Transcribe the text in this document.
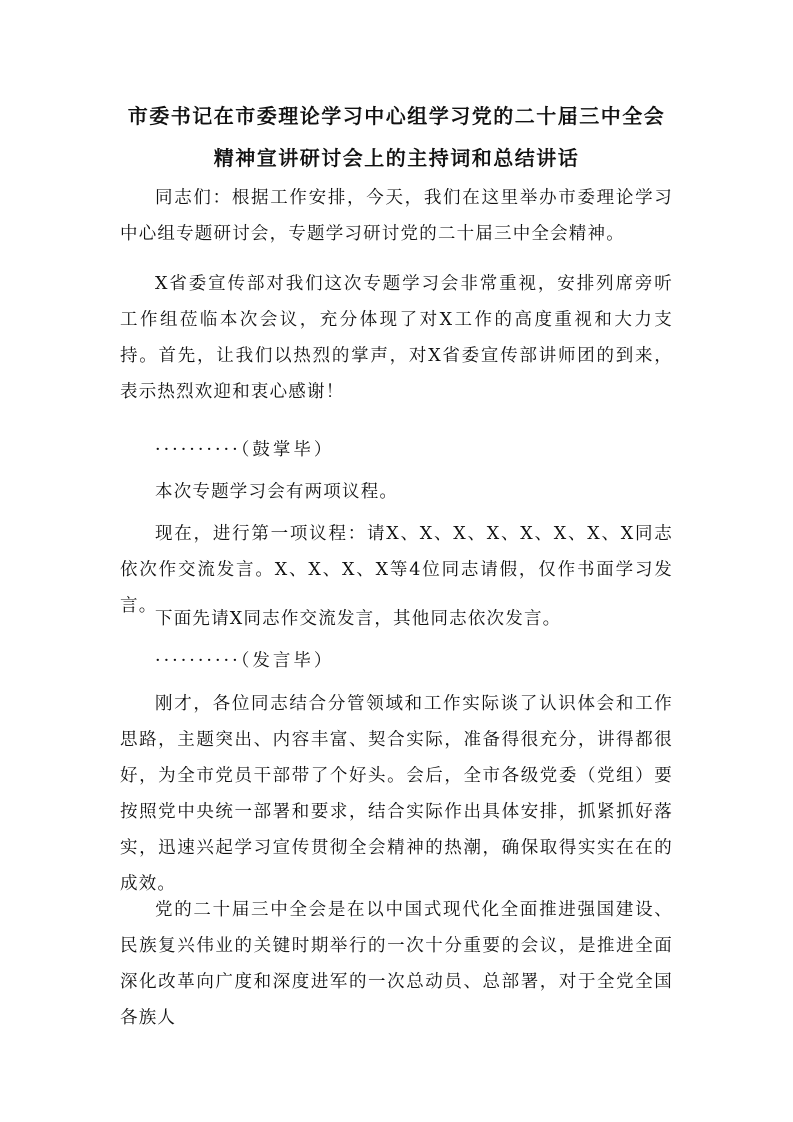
市委书记在市委理论学习中心组学习党的二十届三中全会
精神宣讲研讨会上的主持词和总结讲话

同志们：根据工作安排，今天，我们在这里举办市委理论学习中心组专题研讨会，专题学习研讨党的二十届三中全会精神。

X省委宣传部对我们这次专题学习会非常重视，安排列席旁听工作组莅临本次会议，充分体现了对X工作的高度重视和大力支持。首先，让我们以热烈的掌声，对X省委宣传部讲师团的到来，表示热烈欢迎和衷心感谢！

··········（鼓掌毕）

本次专题学习会有两项议程。

现在，进行第一项议程：请X、X、X、X、X、X、X、X同志依次作交流发言。X、X、X、X等4位同志请假，仅作书面学习发言。

下面先请X同志作交流发言，其他同志依次发言。

··········（发言毕）

刚才，各位同志结合分管领域和工作实际谈了认识体会和工作思路，主题突出、内容丰富、契合实际，准备得很充分，讲得都很好，为全市党员干部带了个好头。会后，全市各级党委（党组）要按照党中央统一部署和要求，结合实际作出具体安排，抓紧抓好落实，迅速兴起学习宣传贯彻全会精神的热潮，确保取得实实在在的成效。

党的二十届三中全会是在以中国式现代化全面推进强国建设、民族复兴伟业的关键时期举行的一次十分重要的会议，是推进全面深化改革向广度和深度进军的一次总动员、总部署，对于全党全国各族人
